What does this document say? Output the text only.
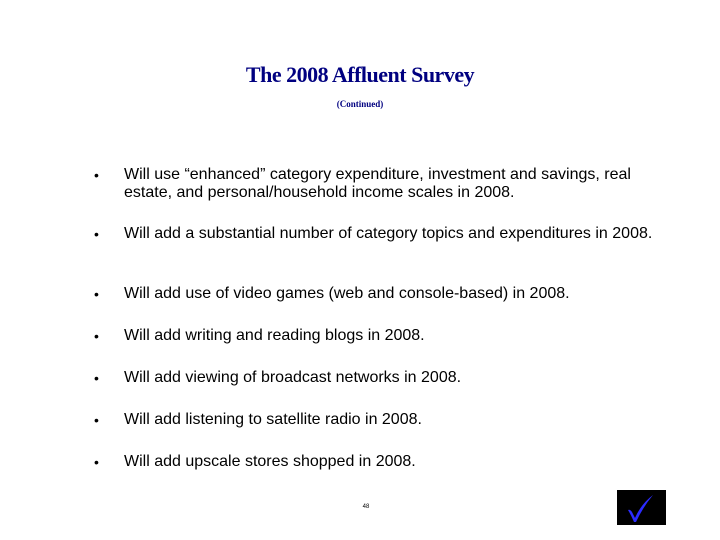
The 2008 Affluent Survey
(Continued)
• Will use “enhanced” category expenditure, investment and savings, real estate, and personal/household income scales in 2008.
• Will add a substantial number of category topics and expenditures in 2008.
• Will add use of video games (web and console-based) in 2008.
• Will add writing and reading blogs in 2008.
• Will add viewing of broadcast networks in 2008.
• Will add listening to satellite radio in 2008.
• Will add upscale stores shopped in 2008.
48
